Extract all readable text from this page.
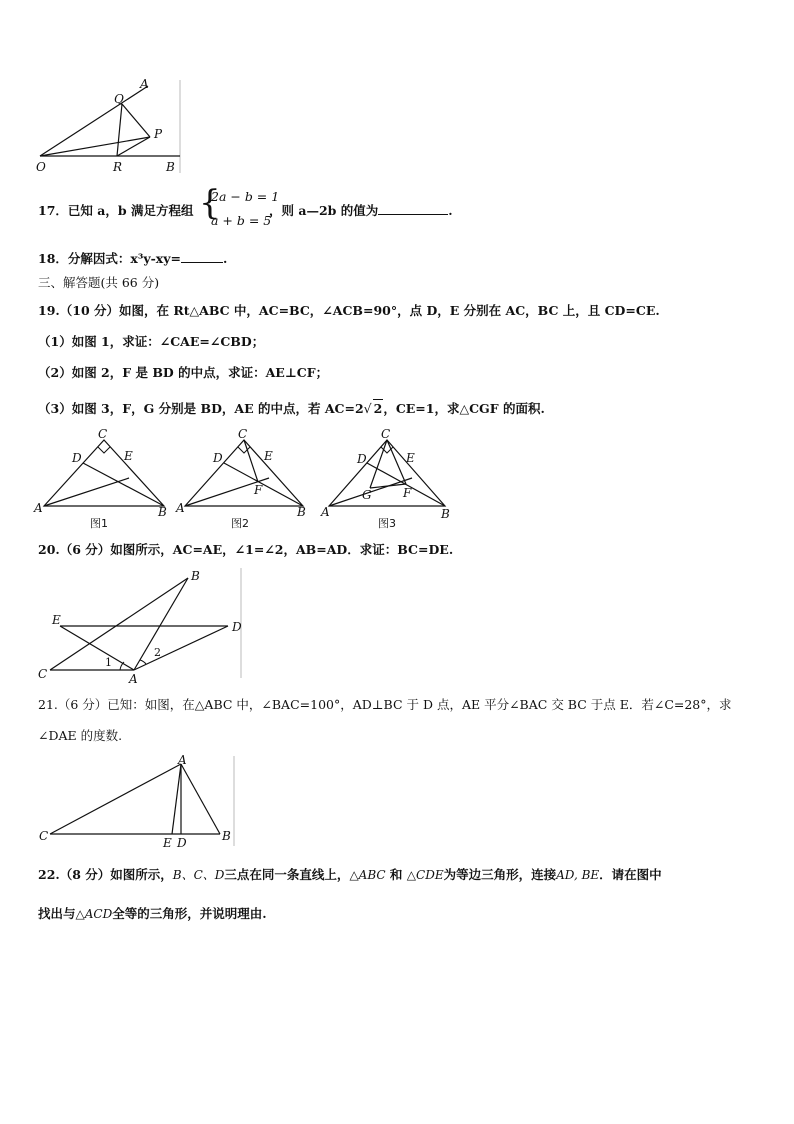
A
Q
P
O	R	B
17．已知 a，b 满足方程组 {
2a − b = 1
a + b = 5
，则 a—2b 的值为	.
18．分解因式：x³y-xy=	.
三、解答题(共 66 分)
19.（10 分）如图，在 Rt△ABC 中，AC=BC，∠ACB=90°，点 D，E 分别在 AC，BC 上，且 CD=CE.
（1）如图 1，求证：∠CAE=∠CBD；
（2）如图 2，F 是 BD 的中点，求证：AE⊥CF；
（3）如图 3，F，G 分别是 BD，AE 的中点，若 AC=2√ 2，CE=1，求△CGF 的面积.
C
D	E
A	B
图1
C
D	E
F
A	B
图2
C
D	E
G	F
A	B
图3
20.（6 分）如图所示，AC=AE，∠1=∠2，AB=AD．求证：BC=DE.
B
E	D
C	A
1
2
21.（6 分）已知：如图，在△ABC 中，∠BAC=100°，AD⊥BC 于 D 点，AE 平分∠BAC 交 BC 于点 E．若∠C=28°，求
∠DAE 的度数.
A
C	E D	B
22.（8 分）如图所示，B、C、D三点在同一条直线上，△ABC 和 △CDE为等边三角形，连接AD, BE．请在图中
找出与△ACD全等的三角形，并说明理由.
